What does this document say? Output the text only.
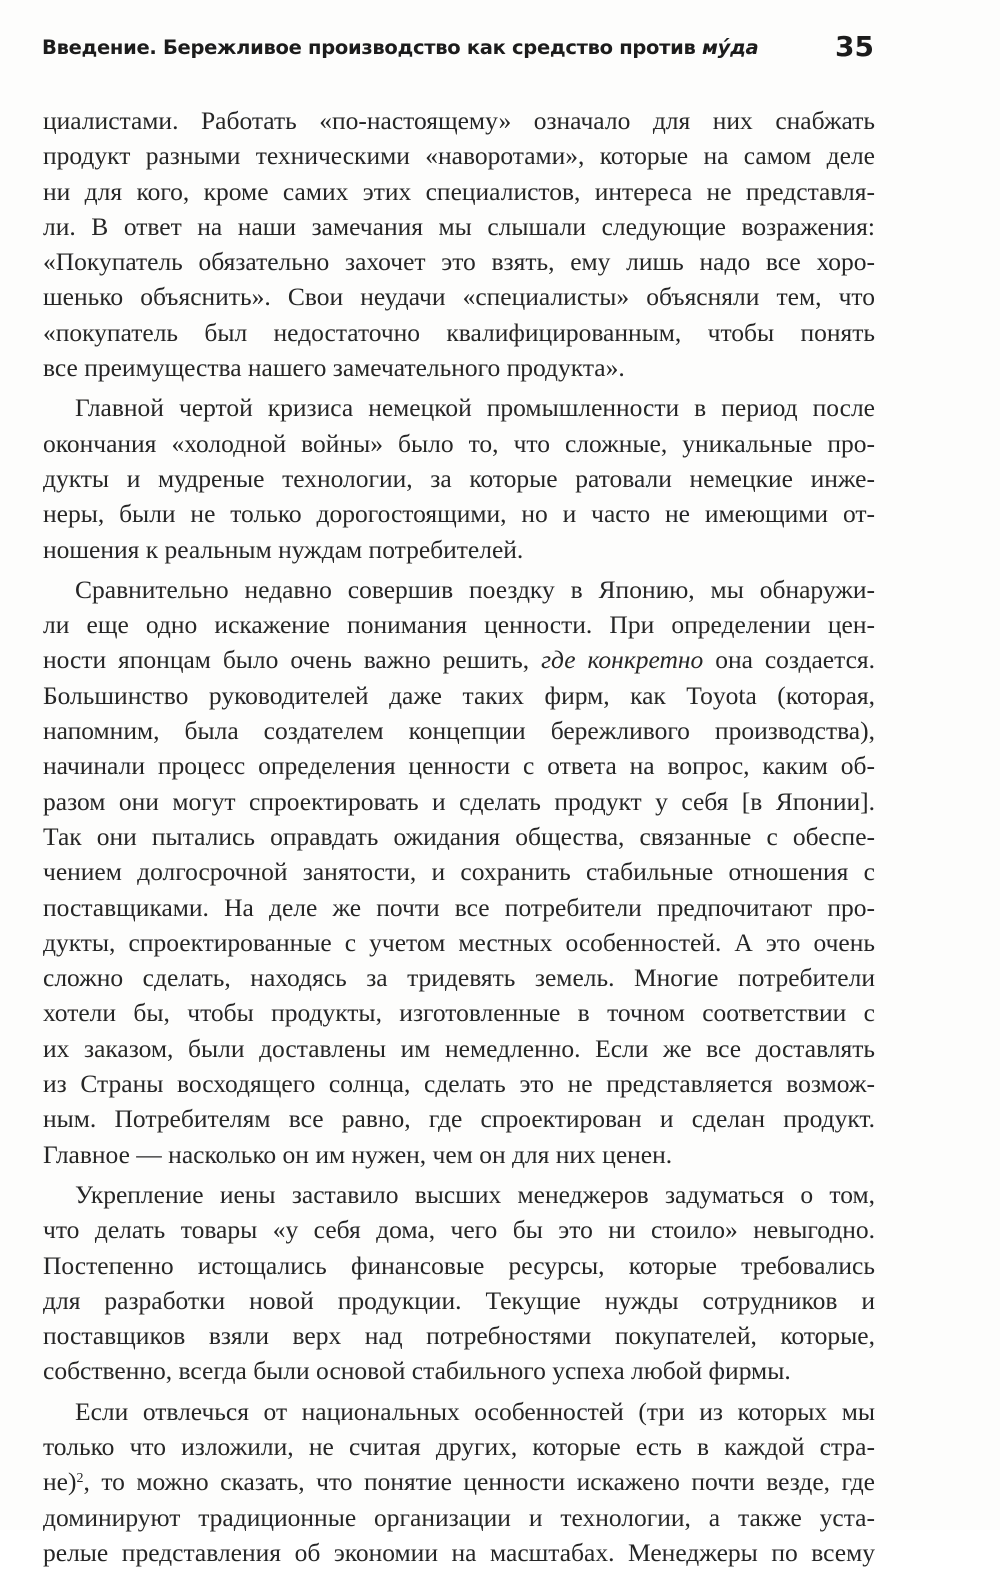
Введение. Бережливое производство как средство против мýда	35
циалистами. Работать «по-настоящему» означало для них снабжать
продукт разными техническими «наворотами», которые на самом деле
ни для кого, кроме самих этих специалистов, интереса не представля-
ли. В ответ на наши замечания мы слышали следующие возражения:
«Покупатель обязательно захочет это взять, ему лишь надо все хоро-
шенько объяснить». Свои неудачи «специалисты» объясняли тем, что
«покупатель был недостаточно квалифицированным, чтобы понять
все преимущества нашего замечательного продукта».
Главной чертой кризиса немецкой промышленности в период после
окончания «холодной войны» было то, что сложные, уникальные про-
дукты и мудреные технологии, за которые ратовали немецкие инже-
неры, были не только дорогостоящими, но и часто не имеющими от-
ношения к реальным нуждам потребителей.
Сравнительно недавно совершив поездку в Японию, мы обнаружи-
ли еще одно искажение понимания ценности. При определении цен-
ности японцам было очень важно решить, где конкретно она создается.
Большинство руководителей даже таких фирм, как Toyota (которая,
напомним, была создателем концепции бережливого производства),
начинали процесс определения ценности с ответа на вопрос, каким об-
разом они могут спроектировать и сделать продукт у себя [в Японии].
Так они пытались оправдать ожидания общества, связанные с обеспе-
чением долгосрочной занятости, и сохранить стабильные отношения с
поставщиками. На деле же почти все потребители предпочитают про-
дукты, спроектированные с учетом местных особенностей. А это очень
сложно сделать, находясь за тридевять земель. Многие потребители
хотели бы, чтобы продукты, изготовленные в точном соответствии с
их заказом, были доставлены им немедленно. Если же все доставлять
из Страны восходящего солнца, сделать это не представляется возмож-
ным. Потребителям все равно, где спроектирован и сделан продукт.
Главное — насколько он им нужен, чем он для них ценен.
Укрепление иены заставило высших менеджеров задуматься о том,
что делать товары «у себя дома, чего бы это ни стоило» невыгодно.
Постепенно истощались финансовые ресурсы, которые требовались
для разработки новой продукции. Текущие нужды сотрудников и
поставщиков взяли верх над потребностями покупателей, которые,
собственно, всегда были основой стабильного успеха любой фирмы.
Если отвлечься от национальных особенностей (три из которых мы
только что изложили, не считая других, которые есть в каждой стра-
не)$^2$, то можно сказать, что понятие ценности искажено почти везде, где
доминируют традиционные организации и технологии, а также уста-
релые представления об экономии на масштабах. Менеджеры по всему
